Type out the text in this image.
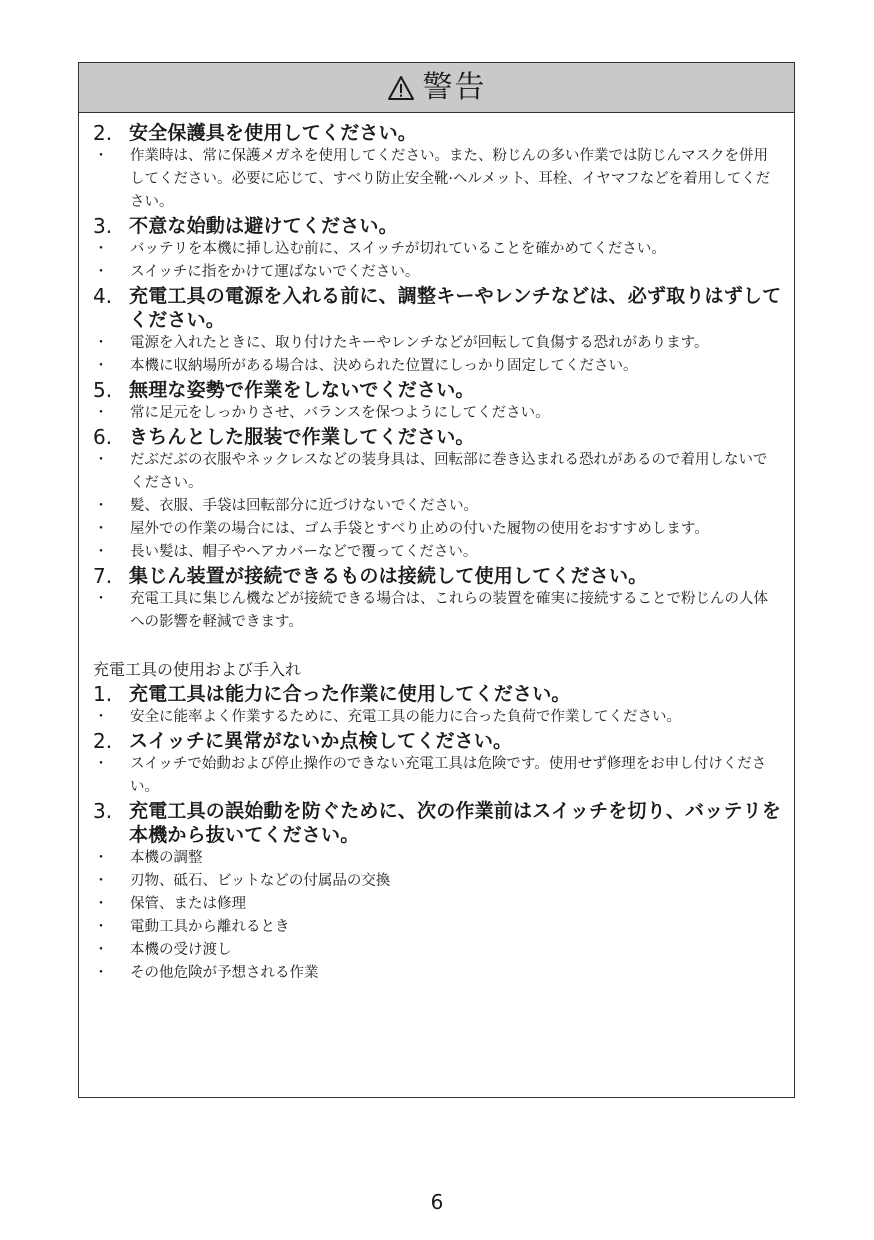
警告
2. 安全保護具を使用してください。
・	作業時は、常に保護メガネを使用してください。また、粉じんの多い作業では防じんマスクを併用してください。必要に応じて、すべり防止安全靴·ヘルメット、耳栓、イヤマフなどを着用してください。
3. 不意な始動は避けてください。
・	バッテリを本機に挿し込む前に、スイッチが切れていることを確かめてください。
・	スイッチに指をかけて運ばないでください。
4. 充電工具の電源を入れる前に、調整キーやレンチなどは、必ず取りはずしてください。
・	電源を入れたときに、取り付けたキーやレンチなどが回転して負傷する恐れがあります。
・	本機に収納場所がある場合は、決められた位置にしっかり固定してください。
5. 無理な姿勢で作業をしないでください。
・	常に足元をしっかりさせ、バランスを保つようにしてください。
6. きちんとした服装で作業してください。
・	だぶだぶの衣服やネックレスなどの装身具は、回転部に巻き込まれる恐れがあるので着用しないでください。
・	髪、衣服、手袋は回転部分に近づけないでください。
・	屋外での作業の場合には、ゴム手袋とすべり止めの付いた履物の使用をおすすめします。
・	長い髪は、帽子やヘアカバーなどで覆ってください。
7. 集じん装置が接続できるものは接続して使用してください。
・	充電工具に集じん機などが接続できる場合は、これらの装置を確実に接続することで粉じんの人体への影響を軽減できます。
充電工具の使用および手入れ
1. 充電工具は能力に合った作業に使用してください。
・	安全に能率よく作業するために、充電工具の能力に合った負荷で作業してください。
2. スイッチに異常がないか点検してください。
・	スイッチで始動および停止操作のできない充電工具は危険です。使用せず修理をお申し付けください。
3. 充電工具の誤始動を防ぐために、次の作業前はスイッチを切り、バッテリを本機から抜いてください。
・	本機の調整
・	刃物、砥石、ビットなどの付属品の交換
・	保管、または修理
・	電動工具から離れるとき
・	本機の受け渡し
・	その他危険が予想される作業
6
